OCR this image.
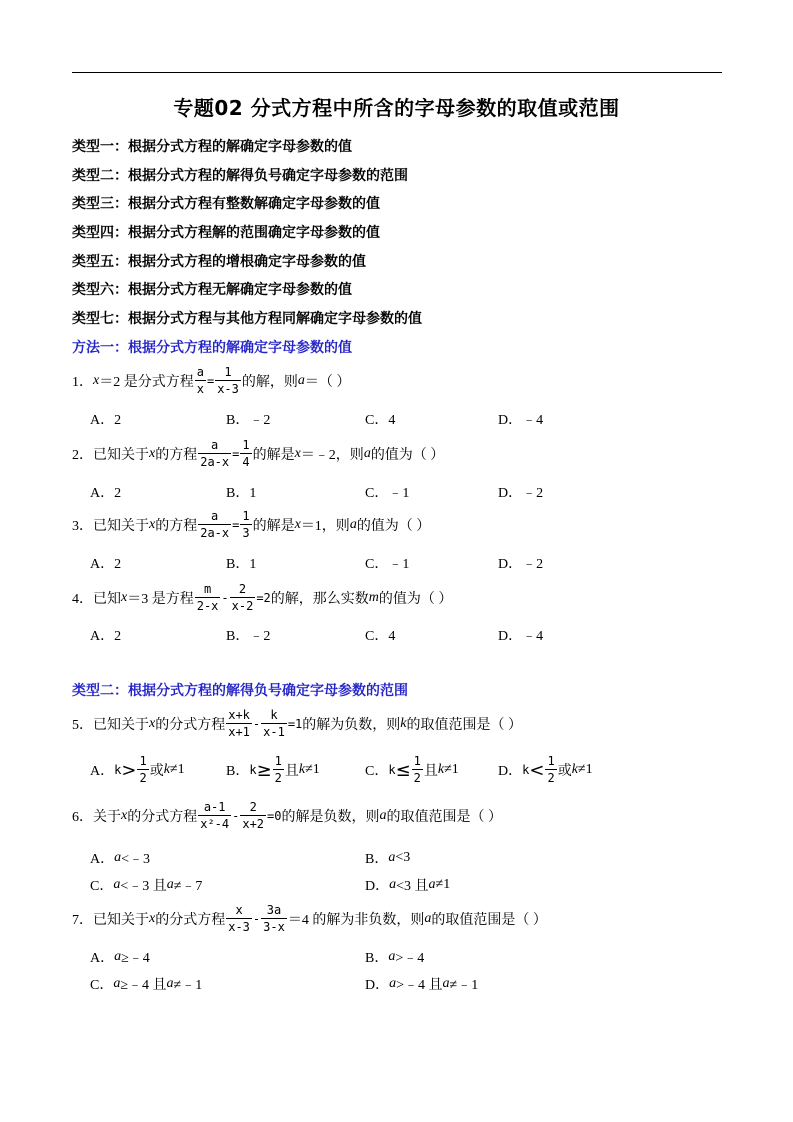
专题02 分式方程中所含的字母参数的取值或范围
类型一：根据分式方程的解确定字母参数的值
类型二：根据分式方程的解得负号确定字母参数的范围
类型三：根据分式方程有整数解确定字母参数的值
类型四：根据分式方程解的范围确定字母参数的值
类型五：根据分式方程的增根确定字母参数的值
类型六：根据分式方程无解确定字母参数的值
类型七：根据分式方程与其他方程同解确定字母参数的值
方法一：根据分式方程的解确定字母参数的值
1． x ＝2 是分式方程 $\frac{a}{x} = \frac{1}{x-3}$ 的解，则 a ＝（ ）
A．2	B．﹣2	C．4	D．﹣4
2． 已知关于 x 的方程 $\frac{a}{2a-x} = \frac{1}{4}$ 的解是 x ＝﹣2，则 a 的值为（ ）
A．2	B．1	C．﹣1	D．﹣2
3． 已知关于 x 的方程 $\frac{a}{2a-x} = \frac{1}{3}$ 的解是 x ＝1，则 a 的值为（ ）
A．2	B．1	C．﹣1	D．﹣2
4． 已知 x ＝3 是方程 $\frac{m}{2-x} - \frac{2}{x-2} =2$ 的解，那么实数 m 的值为（ ）
A．2	B．﹣2	C．4	D．﹣4
类型二：根据分式方程的解得负号确定字母参数的范围
5． 已知关于 x 的分式方程 $\frac{x+k}{x+1} - \frac{k}{x-1} =1$ 的解为负数，则 k 的取值范围是（ ）
A． $k > \frac{1}{2}$ 或 k ≠1	B． $k \ge \frac{1}{2}$ 且 k ≠1	C． $k \le \frac{1}{2}$ 且 k ≠1	D． $k < \frac{1}{2}$ 或 k ≠1
6． 关于 x 的分式方程 $\frac{a-1}{\text{x²-4}} - \frac{2}{x+2} =0$ 的解是负数，则 a 的取值范围是（ ）
A． a <﹣3	B． a <3
C． a <﹣3 且 a ≠﹣7	D． a <3 且 a ≠1
7． 已知关于 x 的分式方程 $\frac{x}{x-3} - \frac{3a}{3-x} =4$ 的解为非负数，则 a 的取值范围是（ ）
A． a ≥﹣4	B． a >﹣4
C． a ≥﹣4 且 a ≠﹣1	D． a >﹣4 且 a ≠﹣1
